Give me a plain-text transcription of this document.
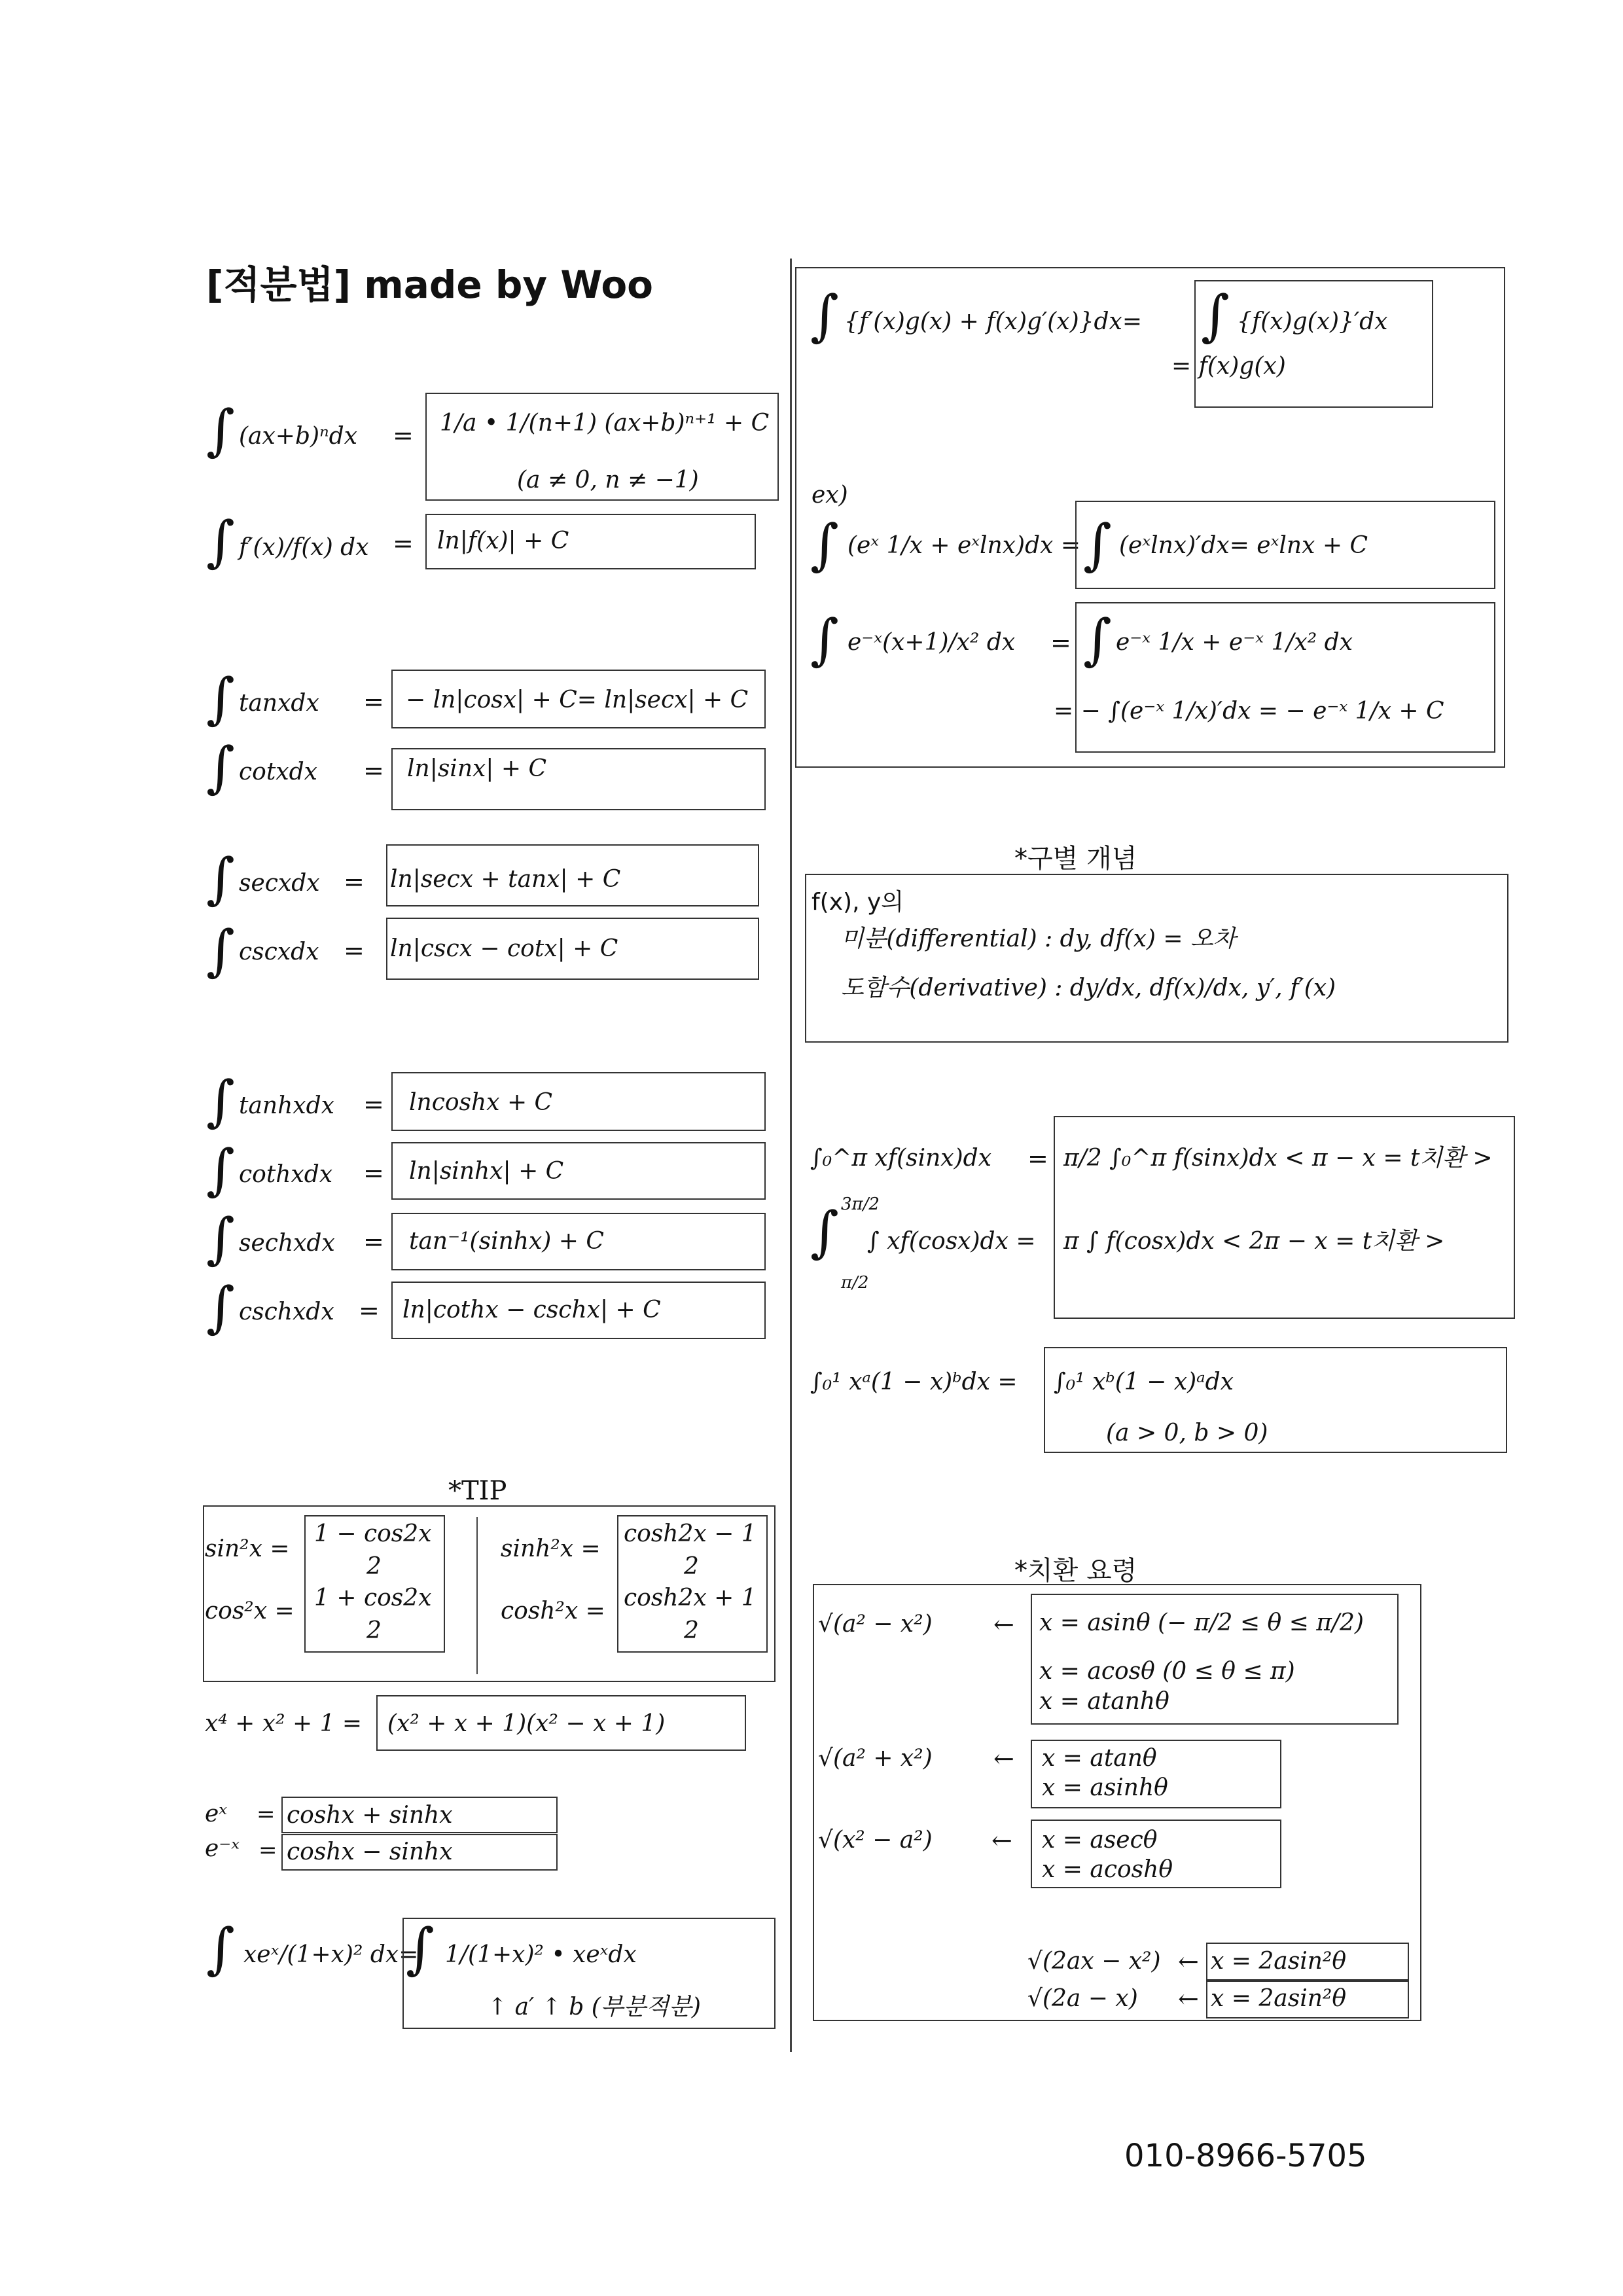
[적분법] made by Woo
∫ (ax+b)ⁿdx = 1/a • 1/(n+1) (ax+b)ⁿ⁺¹ + C
(a ≠ 0, n ≠ −1)
∫ f′(x)/f(x) dx = ln|f(x)| + C
∫ tanxdx = − ln|cosx| + C= ln|secx| + C
∫ cotxdx = ln|sinx| + C
∫ secxdx = ln|secx + tanx| + C
∫ cscxdx = ln|cscx − cotx| + C
∫ tanhxdx = lncoshx + C
∫ cothxdx = ln|sinhx| + C
∫ sechxdx = tan⁻¹(sinhx) + C
∫ cschxdx = ln|cothx − cschx| + C
*TIP
sin²x =
1 − cos2x
2
cos²x = 1 + cos2x
2
sinh²x =
cosh2x − 1
2
cosh²x = cosh2x + 1
2
x⁴ + x² + 1 = (x² + x + 1)(x² − x + 1)
eˣ = coshx + sinhx
e⁻ˣ = coshx − sinhx
∫ xeˣ/(1+x)² dx=
∫ 1/(1+x)² • xeˣdx
↑ a′ ↑ b (부분적분)
∫ {f′(x)g(x) + f(x)g′(x)}dx= ∫ {f(x)g(x)}′dx
= f(x)g(x)
ex)
∫ (eˣ 1/x + eˣlnx)dx = ∫ (eˣlnx)′dx= eˣlnx + C
∫ e⁻ˣ(x+1)/x² dx = ∫ e⁻ˣ 1/x + e⁻ˣ 1/x² dx
= − ∫(e⁻ˣ 1/x)′dx = − e⁻ˣ 1/x + C
*구별 개념
f(x), y의
미분(differential) : dy, df(x) = 오차
도함수(derivative) : dy/dx, df(x)/dx, y′, f′(x)
∫₀^π xf(sinx)dx = π/2 ∫₀^π f(sinx)dx < π − x = t치환 >
3π/2
∫
π/2
∫ xf(cosx)dx = π ∫ f(cosx)dx < 2π − x = t치환 >
∫₀¹ xᵃ(1 − x)ᵇdx = ∫₀¹ xᵇ(1 − x)ᵃdx
(a > 0, b > 0)
*치환 요령
√(a² − x²) ← x = asinθ (− π/2 ≤ θ ≤ π/2)
x = acosθ (0 ≤ θ ≤ π)
x = atanhθ
√(a² + x²) ← x = atanθ
x = asinhθ
√(x² − a²) ← x = asecθ
x = acoshθ
√(2ax − x²) ← x = 2asin²θ
√(2a − x) ← x = 2asin²θ
010-8966-5705
